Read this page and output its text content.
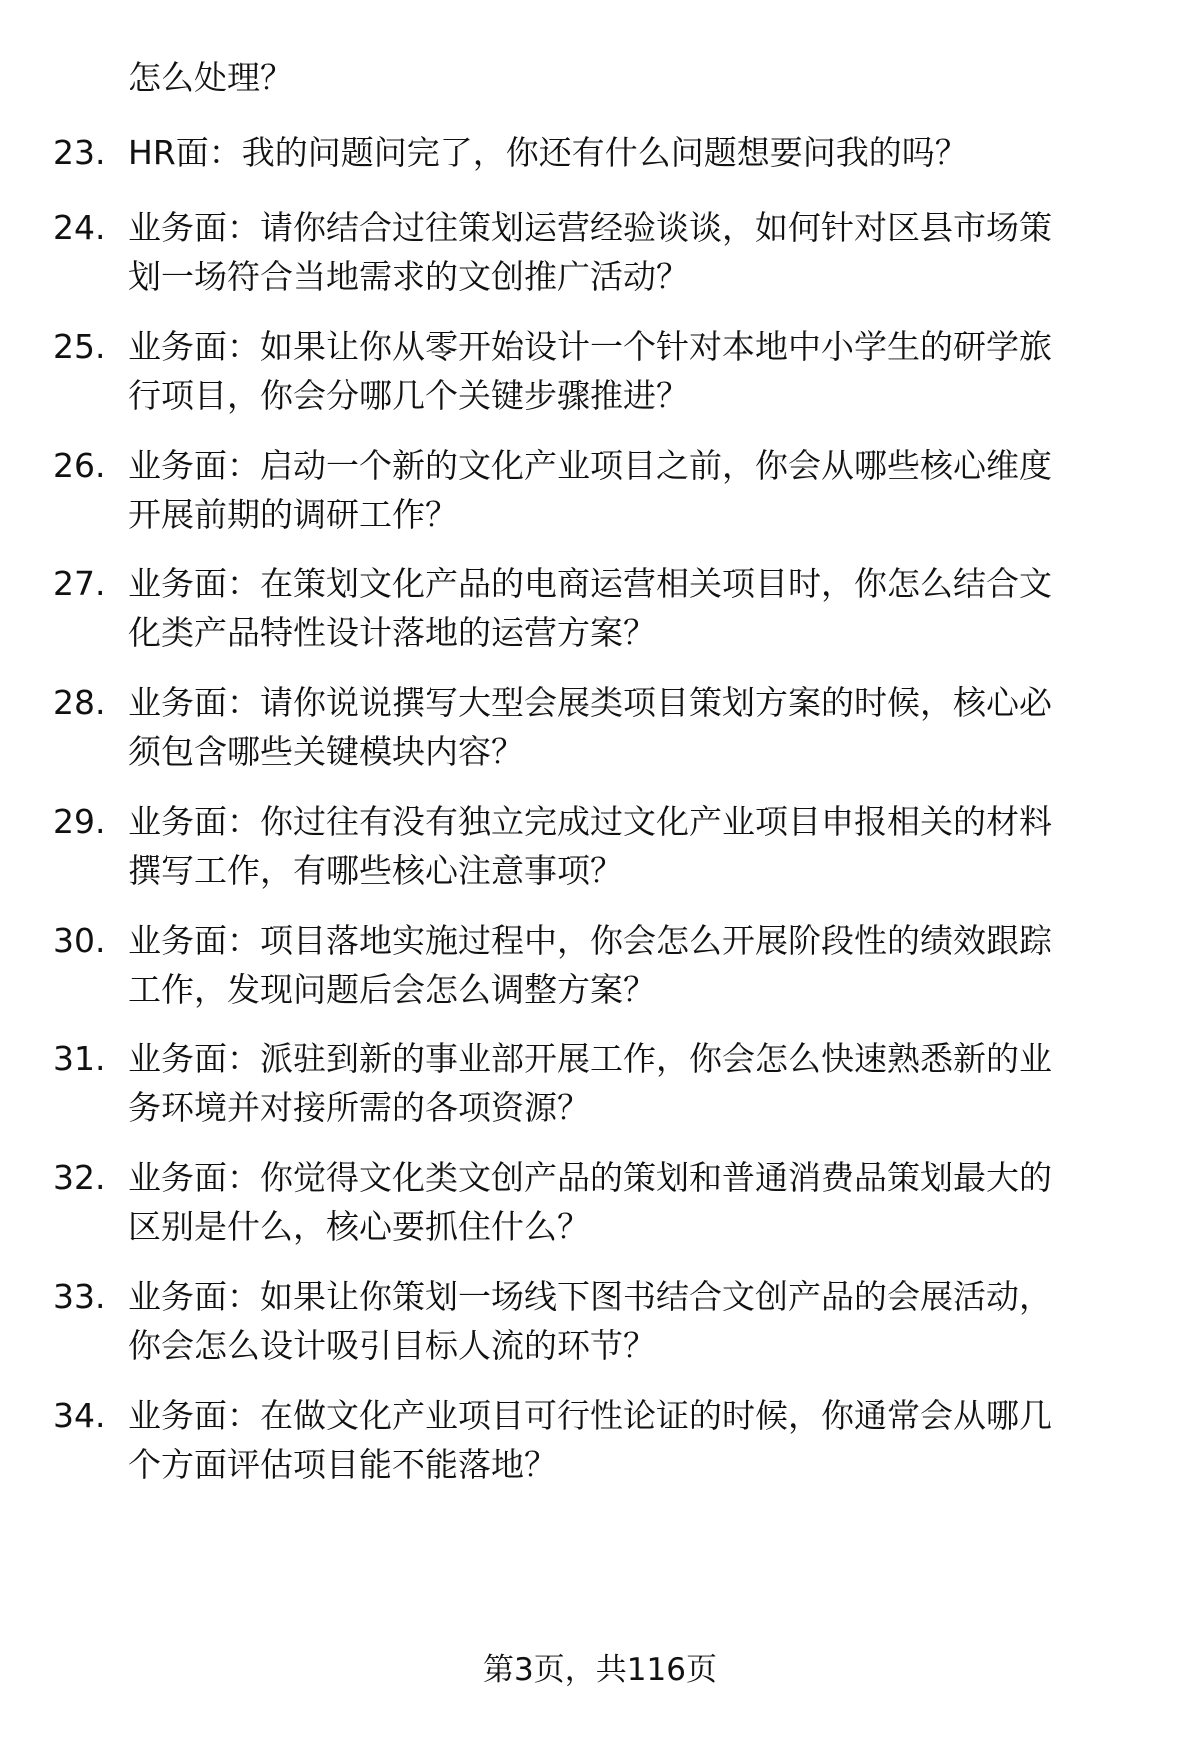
怎么处理？
23. HR面：我的问题问完了，你还有什么问题想要问我的吗？
24. 业务面：请你结合过往策划运营经验谈谈，如何针对区县市场策
划一场符合当地需求的文创推广活动？
25. 业务面：如果让你从零开始设计一个针对本地中小学生的研学旅
行项目，你会分哪几个关键步骤推进？
26. 业务面：启动一个新的文化产业项目之前，你会从哪些核心维度
开展前期的调研工作？
27. 业务面：在策划文化产品的电商运营相关项目时，你怎么结合文
化类产品特性设计落地的运营方案？
28. 业务面：请你说说撰写大型会展类项目策划方案的时候，核心必
须包含哪些关键模块内容？
29. 业务面：你过往有没有独立完成过文化产业项目申报相关的材料
撰写工作，有哪些核心注意事项？
30. 业务面：项目落地实施过程中，你会怎么开展阶段性的绩效跟踪
工作，发现问题后会怎么调整方案？
31. 业务面：派驻到新的事业部开展工作，你会怎么快速熟悉新的业
务环境并对接所需的各项资源？
32. 业务面：你觉得文化类文创产品的策划和普通消费品策划最大的
区别是什么，核心要抓住什么？
33. 业务面：如果让你策划一场线下图书结合文创产品的会展活动，
你会怎么设计吸引目标人流的环节？
34. 业务面：在做文化产业项目可行性论证的时候，你通常会从哪几
个方面评估项目能不能落地？
第3页，共116页
